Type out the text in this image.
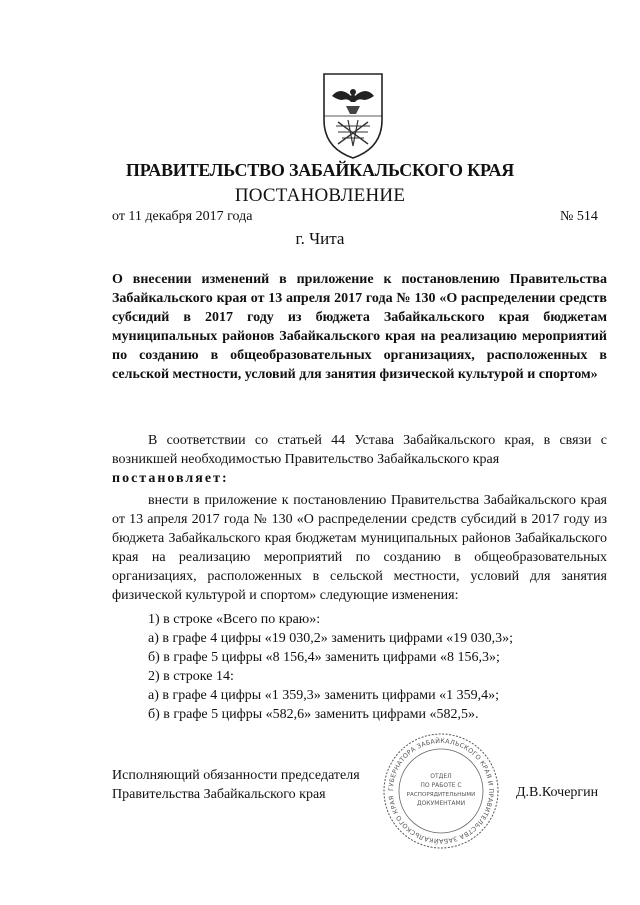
ПРАВИТЕЛЬСТВО ЗАБАЙКАЛЬСКОГО КРАЯ
ПОСТАНОВЛЕНИЕ
от 11 декабря 2017 года	№ 514
г. Чита
О внесении изменений в приложение к постановлению Правительства Забайкальского края от 13 апреля 2017 года № 130 «О распределении средств субсидий в 2017 году из бюджета Забайкальского края бюджетам муниципальных районов Забайкальского края на реализацию мероприятий по созданию в общеобразовательных организациях, расположенных в сельской местности, условий для занятия физической культурой и спортом»
В соответствии со статьей 44 Устава Забайкальского края, в связи с возникшей необходимостью Правительство Забайкальского края
постановляет:
внести в приложение к постановлению Правительства Забайкальского края от 13 апреля 2017 года № 130 «О распределении средств субсидий в 2017 году из бюджета Забайкальского края бюджетам муниципальных районов Забайкальского края на реализацию мероприятий по созданию в общеобразовательных организациях, расположенных в сельской местности, условий для занятия физической культурой и спортом» следующие изменения:
1) в строке «Всего по краю»:
а) в графе 4 цифры «19 030,2» заменить цифрами «19 030,3»;
б) в графе 5 цифры «8 156,4» заменить цифрами «8 156,3»;
2) в строке 14:
а) в графе 4 цифры «1 359,3» заменить цифрами «1 359,4»;
б) в графе 5 цифры «582,6» заменить цифрами «582,5».
Исполняющий обязанности председателя
Правительства Забайкальского края	Д.В.Кочергин
ГУБЕРНАТОРА ЗАБАЙКАЛЬСКОГО КРАЯ И ПРАВИТЕЛЬСТВА ЗАБАЙКАЛЬСКОГО КРАЯ
ОТДЕЛ
ПО РАБОТЕ С
РАСПОРЯДИТЕЛЬНЫМИ
ДОКУМЕНТАМИ
